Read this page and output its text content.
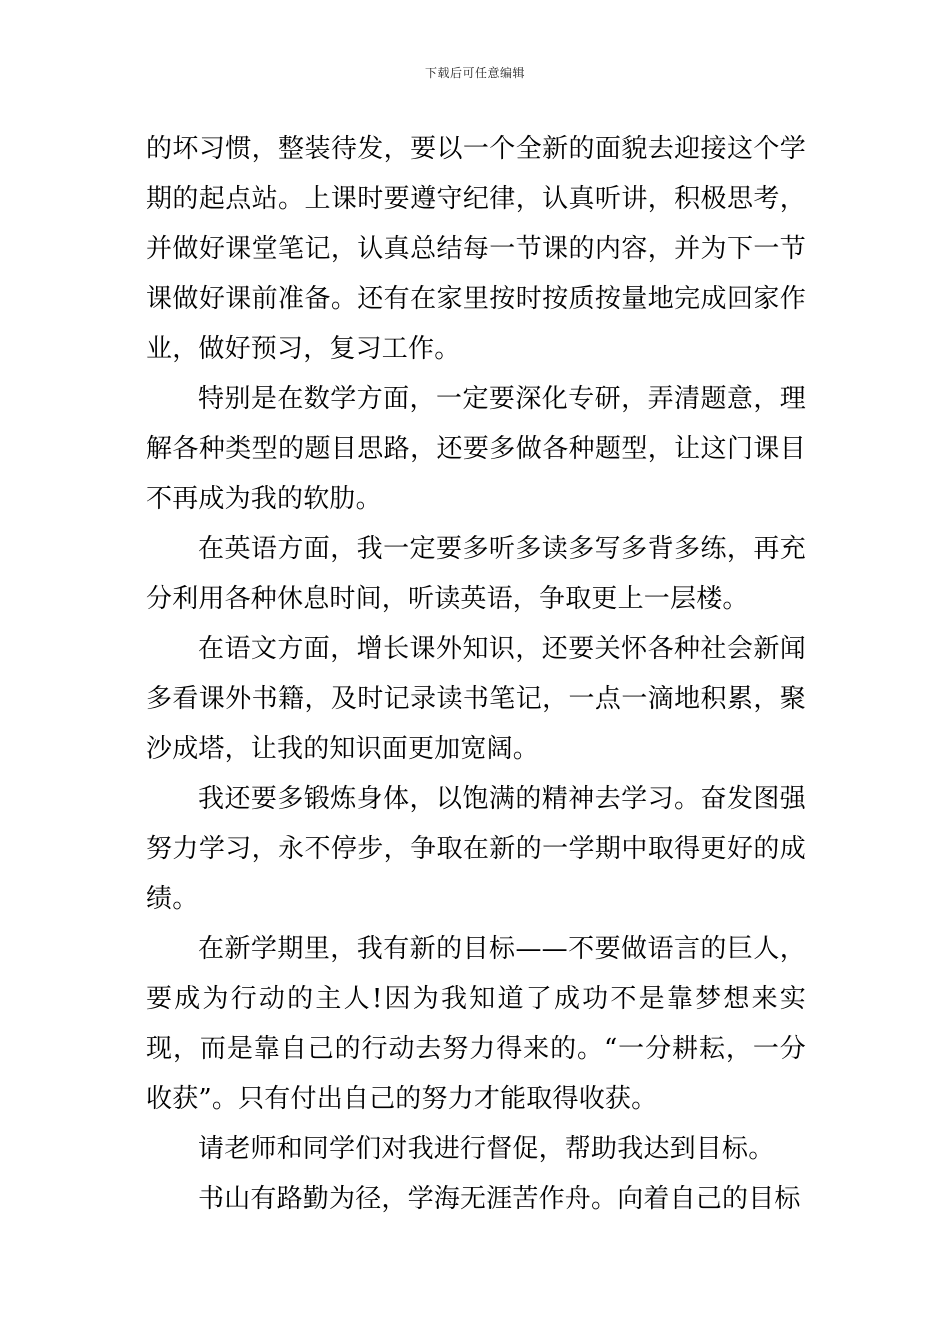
下载后可任意编辑

的坏习惯，整装待发，要以一个全新的面貌去迎接这个学期的起点站。上课时要遵守纪律，认真听讲，积极思考，并做好课堂笔记，认真总结每一节课的内容，并为下一节课做好课前准备。还有在家里按时按质按量地完成回家作业，做好预习，复习工作。

特别是在数学方面，一定要深化专研，弄清题意，理解各种类型的题目思路，还要多做各种题型，让这门课目不再成为我的软肋。

在英语方面，我一定要多听多读多写多背多练，再充分利用各种休息时间，听读英语，争取更上一层楼。

在语文方面，增长课外知识，还要关怀各种社会新闻多看课外书籍，及时记录读书笔记，一点一滴地积累，聚沙成塔，让我的知识面更加宽阔。

我还要多锻炼身体，以饱满的精神去学习。奋发图强努力学习，永不停步，争取在新的一学期中取得更好的成绩。

在新学期里，我有新的目标——不要做语言的巨人，要成为行动的主人!因为我知道了成功不是靠梦想来实现，而是靠自己的行动去努力得来的。“一分耕耘，一分收获”。只有付出自己的努力才能取得收获。

请老师和同学们对我进行督促，帮助我达到目标。

书山有路勤为径，学海无涯苦作舟。向着自己的目标
